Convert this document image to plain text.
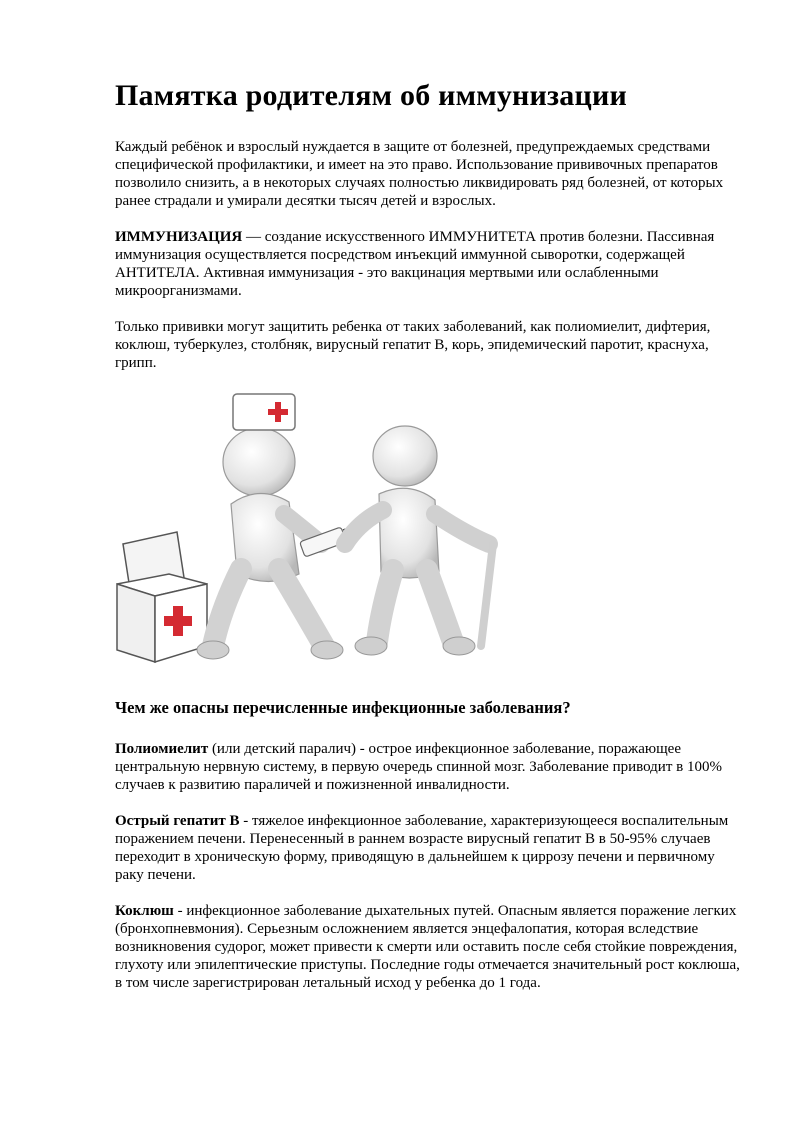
Памятка родителям об иммунизации

Каждый ребёнок и взрослый нуждается в защите от болезней, предупреждаемых средствами специфической профилактики, и имеет на это право. Использование прививочных препаратов позволило снизить, а в некоторых случаях полностью ликвидировать ряд болезней, от которых ранее страдали и умирали десятки тысяч детей и взрослых.

ИММУНИЗАЦИЯ — создание искусственного ИММУНИТЕТА против болезни. Пассивная иммунизация осуществляется посредством инъекций иммунной сыворотки, содержащей АНТИТЕЛА. Активная иммунизация - это вакцинация мертвыми или ослабленными микроорганизмами.

Только прививки могут защитить ребенка от таких заболеваний, как полиомиелит, дифтерия, коклюш, туберкулез, столбняк, вирусный гепатит В, корь, эпидемический паротит, краснуха, грипп.

Чем же опасны перечисленные инфекционные заболевания?

Полиомиелит (или детский паралич) - острое инфекционное заболевание, поражающее центральную нервную систему, в первую очередь спинной мозг. Заболевание приводит в 100% случаев к развитию параличей и пожизненной инвалидности.

Острый гепатит В - тяжелое инфекционное заболевание, характеризующееся воспалительным поражением печени. Перенесенный в раннем возрасте вирусный гепатит В в 50-95% случаев переходит в хроническую форму, приводящую в дальнейшем к циррозу печени и первичному раку печени.

Коклюш - инфекционное заболевание дыхательных путей. Опасным является поражение легких (бронхопневмония). Серьезным осложнением является энцефалопатия, которая вследствие возникновения судорог, может привести к смерти или оставить после себя стойкие повреждения, глухоту или эпилептические приступы. Последние годы отмечается значительный рост коклюша, в том числе зарегистрирован летальный исход у ребенка до 1 года.
